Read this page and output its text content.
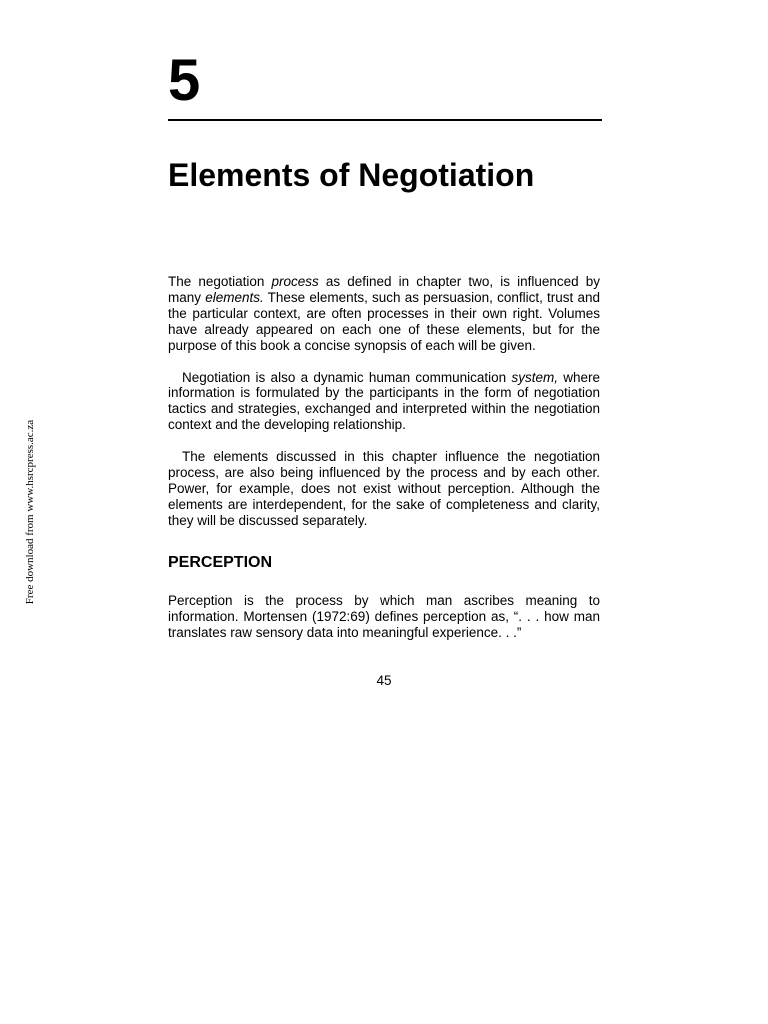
5
Elements of Negotiation

The negotiation process as defined in chapter two, is influenced by many elements. These elements, such as persuasion, conflict, trust and the particular context, are often processes in their own right. Volumes have already appeared on each one of these elements, but for the purpose of this book a concise synopsis of each will be given.

Negotiation is also a dynamic human communication system, where information is formulated by the participants in the form of negotiation tactics and strategies, exchanged and interpreted within the negotiation context and the developing relationship.

The elements discussed in this chapter influence the negotiation process, are also being influenced by the process and by each other. Power, for example, does not exist without perception. Although the elements are interdependent, for the sake of completeness and clarity, they will be discussed separately.

PERCEPTION

Perception is the process by which man ascribes meaning to information. Mortensen (1972:69) defines perception as, “. . . how man translates raw sensory data into meaningful experience. . .”

45
Free download from www.hsrcpress.ac.za
